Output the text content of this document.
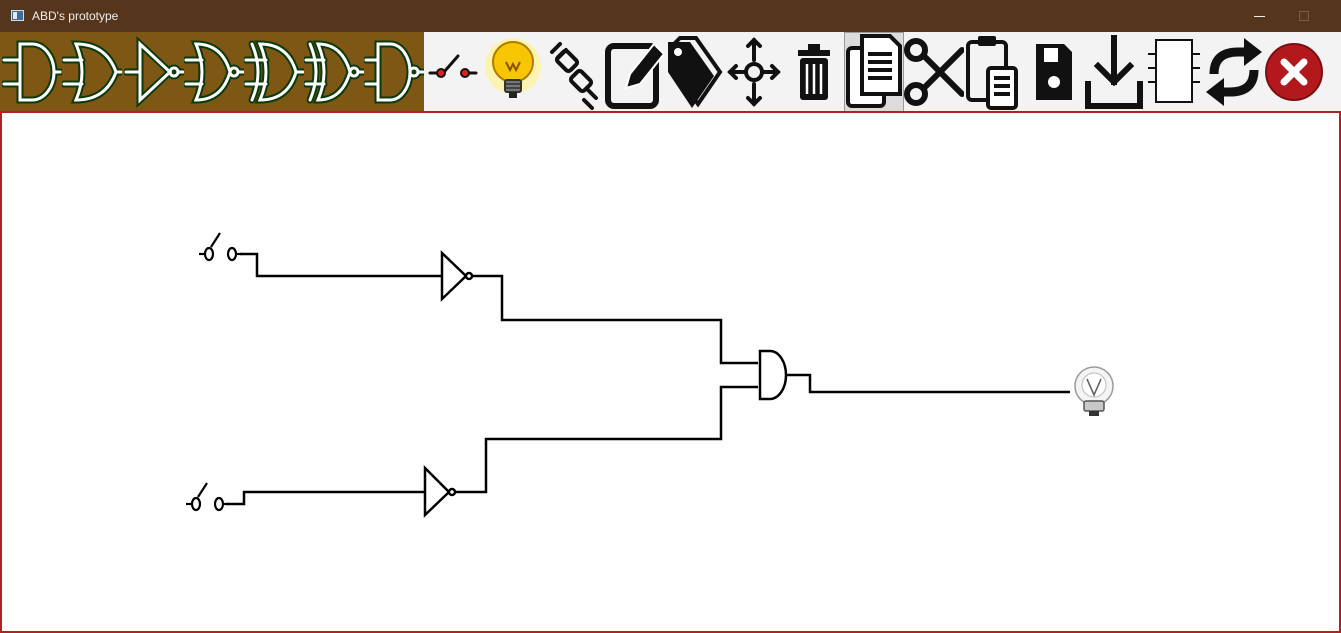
ABD's prototype
